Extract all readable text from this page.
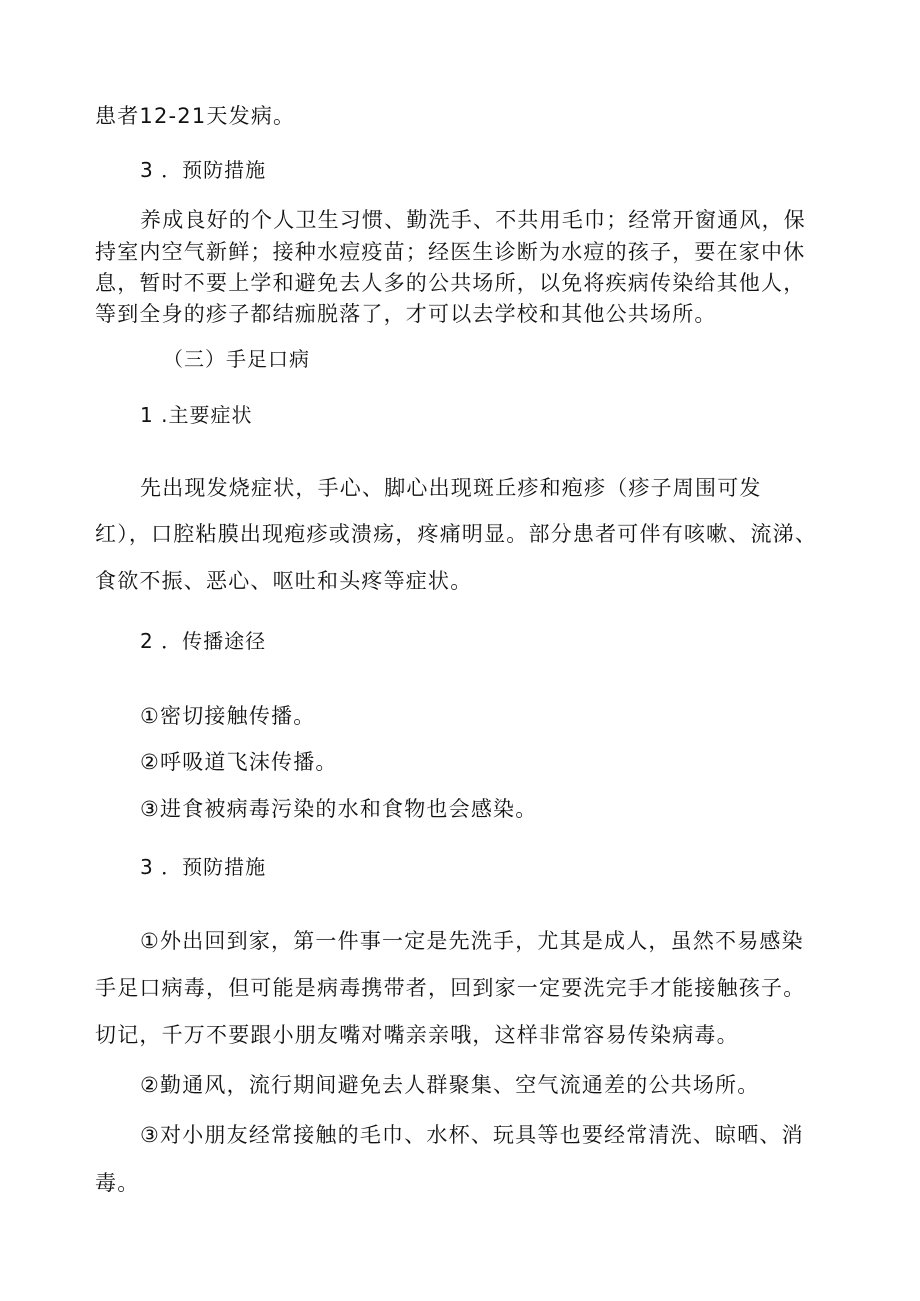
患者12-21天发病。
3 ．预防措施
养成良好的个人卫生习惯、勤洗手、不共用毛巾；经常开窗通风，保
持室内空气新鲜；接种水痘疫苗；经医生诊断为水痘的孩子，要在家中休
息，暂时不要上学和避免去人多的公共场所，以免将疾病传染给其他人，
等到全身的疹子都结痂脱落了，才可以去学校和其他公共场所。
（三）手足口病
1 .主要症状
先出现发烧症状，手心、脚心出现斑丘疹和疱疹（疹子周围可发
红），口腔粘膜出现疱疹或溃疡，疼痛明显。部分患者可伴有咳嗽、流涕、
食欲不振、恶心、呕吐和头疼等症状。
2 ．传播途径
①密切接触传播。
②呼吸道飞沫传播。
③进食被病毒污染的水和食物也会感染。
3 ．预防措施
①外出回到家，第一件事一定是先洗手，尤其是成人，虽然不易感染
手足口病毒，但可能是病毒携带者，回到家一定要洗完手才能接触孩子。
切记，千万不要跟小朋友嘴对嘴亲亲哦，这样非常容易传染病毒。
②勤通风，流行期间避免去人群聚集、空气流通差的公共场所。
③对小朋友经常接触的毛巾、水杯、玩具等也要经常清洗、晾晒、消
毒。
